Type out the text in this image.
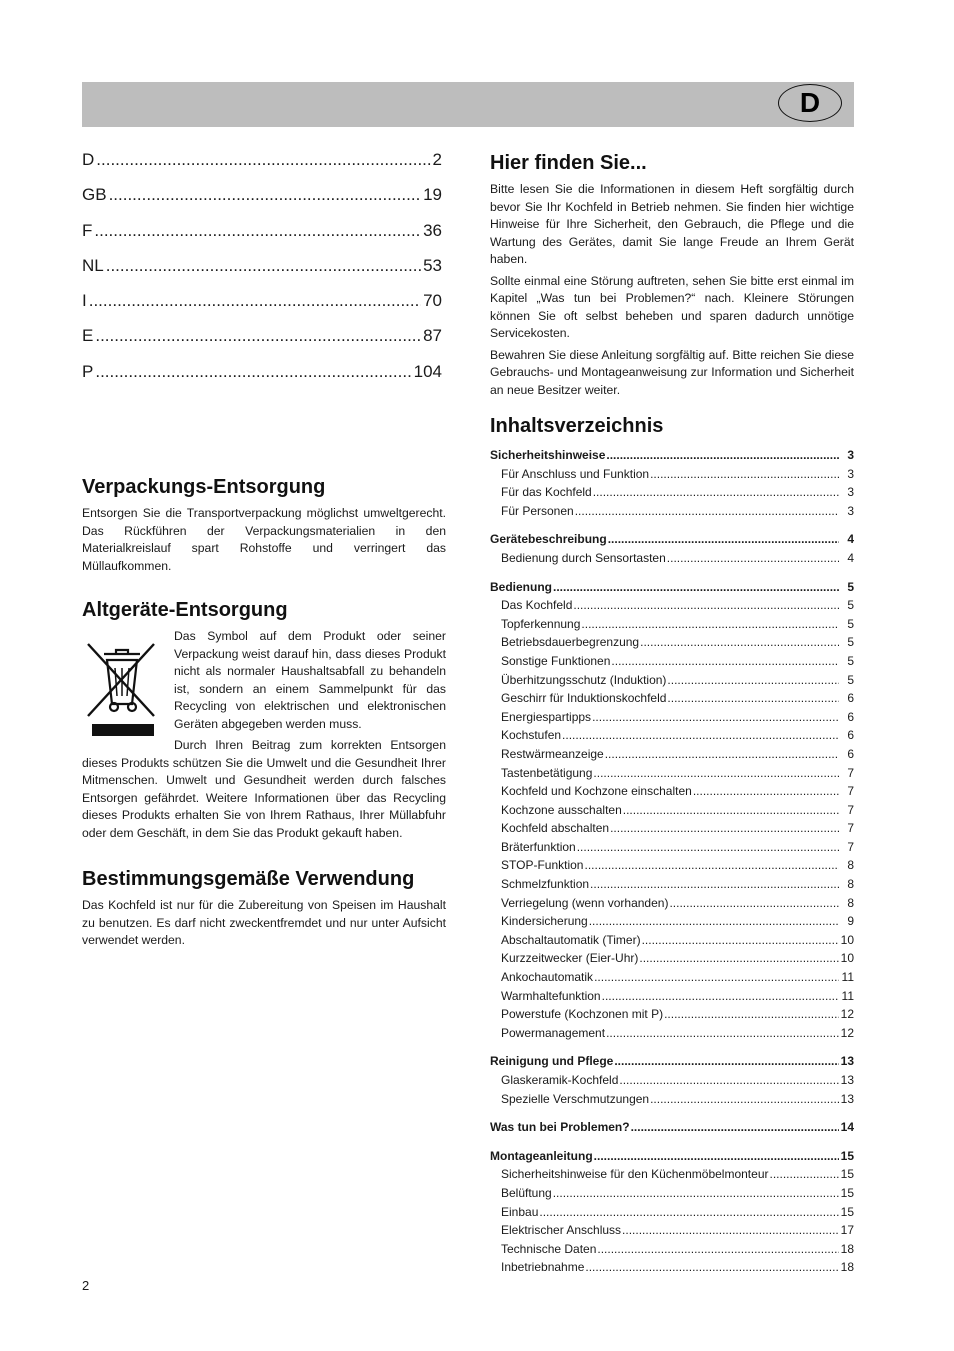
D
D .....	2
GB .....	19
F .....	36
NL .....	53
I .....	70
E .....	87
P .....	104
Verpackungs-Entsorgung

Entsorgen Sie die Transportverpackung möglichst umweltgerecht. Das Rückführen der Verpackungsmaterialien in den Materialkreislauf spart Rohstoffe und verringert das Müllaufkommen.

Altgeräte-Entsorgung

Das Symbol auf dem Produkt oder seiner Verpackung weist darauf hin, dass dieses Produkt nicht als normaler Haushaltsabfall zu behandeln ist, sondern an einem Sammelpunkt für das Recycling von elektrischen und elektronischen Geräten abgegeben werden muss.

Durch Ihren Beitrag zum korrekten Entsorgen dieses Produkts schützen Sie die Umwelt und die Gesundheit Ihrer Mitmenschen. Umwelt und Gesundheit werden durch falsches Entsorgen gefährdet. Weitere Informationen über das Recycling dieses Produkts erhalten Sie von Ihrem Rathaus, Ihrer Müllabfuhr oder dem Geschäft, in dem Sie das Produkt gekauft haben.

Bestimmungsgemäße Verwendung

Das Kochfeld ist nur für die Zubereitung von Speisen im Haushalt zu benutzen. Es darf nicht zweckentfremdet und nur unter Aufsicht verwendet werden.

Hier finden Sie...

Bitte lesen Sie die Informationen in diesem Heft sorgfältig durch bevor Sie Ihr Kochfeld in Betrieb nehmen. Sie finden hier wichtige Hinweise für Ihre Sicherheit, den Gebrauch, die Pflege und die Wartung des Gerätes, damit Sie lange Freude an Ihrem Gerät haben.

Sollte einmal eine Störung auftreten, sehen Sie bitte erst einmal im Kapitel „Was tun bei Problemen?“ nach. Kleinere Störungen können Sie oft selbst beheben und sparen dadurch unnötige Servicekosten.

Bewahren Sie diese Anleitung sorgfältig auf. Bitte reichen Sie diese Gebrauchs- und Montageanweisung zur Information und Sicherheit an neue Besitzer weiter.

Inhaltsverzeichnis
Sicherheitshinweise .....	3
Für Anschluss und Funktion .....	3
Für das Kochfeld .....	3
Für Personen .....	3
Gerätebeschreibung .....	4
Bedienung durch Sensortasten .....	4
Bedienung .....	5
Das Kochfeld .....	5
Topferkennung .....	5
Betriebsdauerbegrenzung .....	5
Sonstige Funktionen .....	5
Überhitzungsschutz (Induktion) .....	5
Geschirr für Induktionskochfeld .....	6
Energiespartipps .....	6
Kochstufen .....	6
Restwärmeanzeige .....	6
Tastenbetätigung .....	7
Kochfeld und Kochzone einschalten .....	7
Kochzone ausschalten .....	7
Kochfeld abschalten .....	7
Bräterfunktion .....	7
STOP-Funktion .....	8
Schmelzfunktion .....	8
Verriegelung (wenn vorhanden) .....	8
Kindersicherung .....	9
Abschaltautomatik (Timer) .....	10
Kurzzeitwecker (Eier-Uhr) .....	10
Ankochautomatik .....	11
Warmhaltefunktion .....	11
Powerstufe (Kochzonen mit P) .....	12
Powermanagement .....	12
Reinigung und Pflege .....	13
Glaskeramik-Kochfeld .....	13
Spezielle Verschmutzungen .....	13
Was tun bei Problemen? .....	14
Montageanleitung .....	15
Sicherheitshinweise für den Küchenmöbelmonteur .....	15
Belüftung .....	15
Einbau .....	15
Elektrischer Anschluss .....	17
Technische Daten .....	18
Inbetriebnahme .....	18
2
